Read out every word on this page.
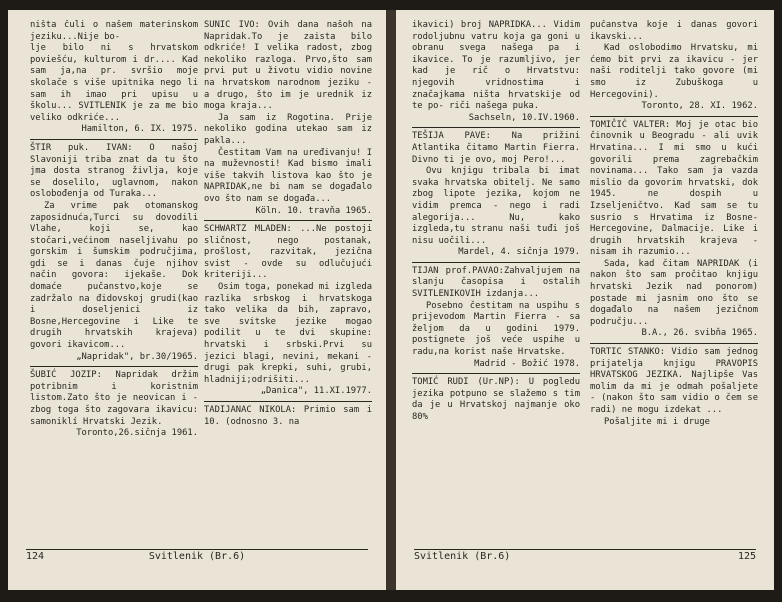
ništa čuli o našem materinskom jeziku...Nije bo-

lje bilo ni s hrvatskom poviešću, kulturom i dr.... Kad sam ja,na pr. svršio moje skolače s više upitnika nego li sam ih imao pri upisu u školu... SVITLENIK je za me bio veliko odkriće...

Hamilton, 6. IX. 1975.

ŠTIR puk. IVAN: O našoj Slavoniji triba znat da tu što jma dosta stranog življa, koje se doselilo, uglavnom, nakon oslobođenja od Turaka...

Za vrime pak otomanskog zaposidnuća,Turci su dovodili Vlahe, koji se, kao stočari,većinom naseljivahu po gorskim i šumskim područjima, gdi se i danas čuje njihov način govora: ijekaše. Dok domaće pučanstvo,koje se zadržalo na đidovskoj grudi(kao i doseljenici iz Bosne,Hercegovine i Like te drugih hrvatskih krajeva) govori ikavicom...

„Napridak", br.30/1965.

ŠUBIĆ JOZIP: Napridak držim potribnim i koristnim listom.Zato što je neovican i - zbog toga što zagovara ikavicu: samoniklí Hrvatski Jezik.

Toronto,26.sičnja 1961.

ŠUNIĆ IVO: Ovih dana našoh na Napridak.To je zaista bilo odkriće! I velika radost, zbog nekoliko razloga. Prvo,što sam prvi put u životu vidio novine na hrvatskom narodnom jeziku - a drugo, što im je urednik iz moga kraja...

Ja sam iz Rogotina. Prije nekoliko godina utekao sam iz pakla...

Čestitam Vam na uređivanju! I na muževnosti! Kad bismo imali više takvih listova kao što je NAPRIDAK,ne bi nam se događalo ovo što nam se događa...

Köln. 10. travňa 1965.

SCHWARTZ MLADEN: ...Ne postoji sličnost, nego postanak, prošlost, razvitak, jezična svist - ovde su odlučujući kriteriji...

Osim toga, ponekad mi izgleda razlika srbskog i hrvatskoga tako velika da bih, zapravo, sve svitske jezike mogao podilit u te dvi skupine: hrvatski i srbski.Prvi su jezici blagi, nevini, mekani - drugi pak krepki, suhi, grubi, hladniji;odrišiti...

„Danica", 11.XI.1977.

TADIJANAC NIKOLA: Primio sam i 10. (odnosno 3. na

124	Svitlenik (Br.6)

ikavici) broj NAPRIDKA... Vidim rodoljubnu vatru koja ga goni u obranu svega našega pa i ikavice. To je razumljivo, jer kad je rič o Hrvatstvu: njegovih vridnostima i značajkama ništa hrvatskije od te po- riči našega puka.

Sachseln, 10.IV.1960.

TEŠIJA PAVE: Na prižini Atlantika čitamo Martin Fierra. Divno ti je ovo, moj Pero!...

Ovu knjigu tribala bi imat svaka hrvatska obitelj. Ne samo zbog lipote jezika, kojom ne vidim premca - nego i radi alegorija... Nu, kako izgleda,tu stranu naši tuđi još nisu uočili...

Mardel, 4. sičnja 1979.

TIJAN prof.PAVAO:Zahvaljujem na slanju časopisa i ostalih SVITLENIKOVIH izdanja...

Posebno čestitam na uspihu s prijevodom Martin Fierra - sa željom da u godini 1979. postignete još veće uspihe u radu,na korist naše Hrvatske.

Madrid - Božić 1978.

TOMIĆ RUDI (Ur.NP): U pogledu jezika potpuno se slažemo s tim da je u Hrvatskoj najmanje oko 80%

pučanstva koje i danas govori ikavski...

Kad oslobodimo Hrvatsku, mi ćemo bit prvi za ikavicu - jer naši roditelji tako govore (mi smo iz Zubuškoga u Hercegovini).

Toronto, 28. XI. 1962.

TOMIČIĆ VALTER: Moj je otac bio činovnik u Beogradu - ali uvik Hrvatina... I mi smo u kući govorili prema zagrebačkim novinama... Tako sam ja vazda mislio da govorim hrvatski, dok 1945. ne dospih u Izseljeničtvo. Kad sam se tu susrio s Hrvatima iz Bosne-Hercegovine, Dalmacije. Like i drugih hrvatskih krajeva - nisam ih razumio...

Sada, kad čitam NAPRIDAK (i nakon što sam pročitao knjigu hrvatski Jezik nad ponorom) postade mi jasnim ono što se događalo na našem jezičnom području...

B.A., 26. svibňa 1965.

TORTIC STANKO: Vidio sam jednog prijatelja knjigu PRAVOPIS HRVATSKOG JEZIKA. Najlipše Vas molim da mi je odmah pošaljete - (nakon što sam vidio o čem se radi) ne mogu izdekat ...

Pošaljite mi i druge

Svitlenik (Br.6)	125
